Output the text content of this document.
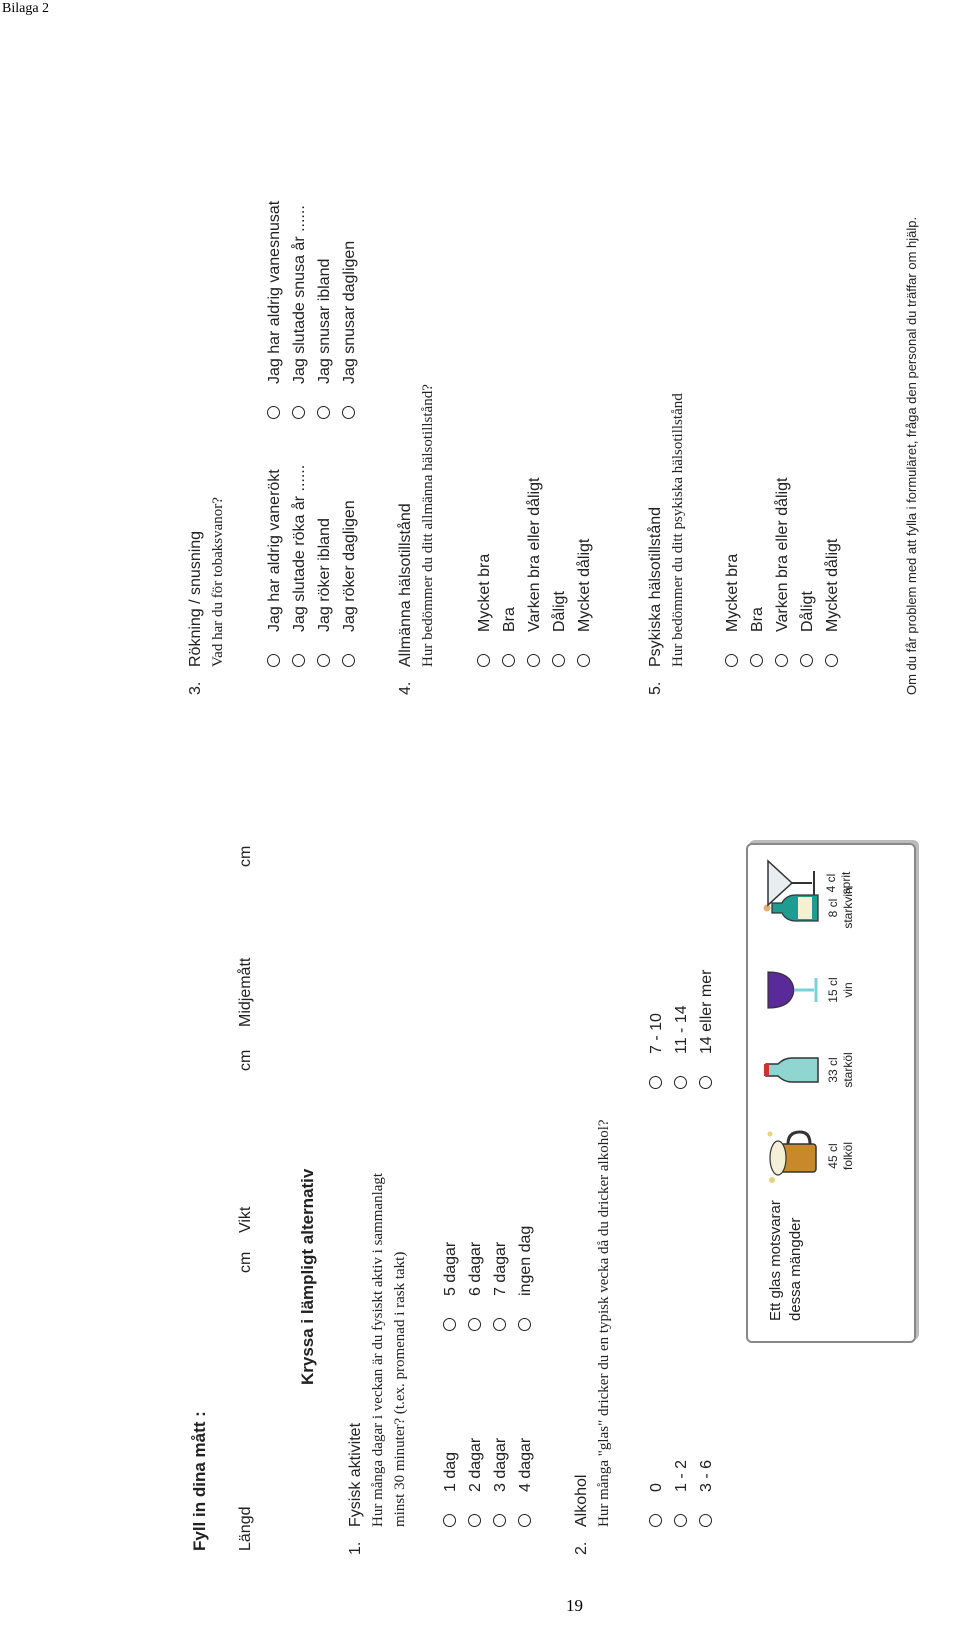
Bilaga 2
Fyll in dina mått : Längd
cm
Vikt
cm
Midjemått
cm
Kryssa i lämpligt alternativ
1.
Fysisk aktivitet Hur många dagar i veckan är du fysiskt aktiv i sammanlagt minst 30 minuter? (t.ex. promenad i rask takt) 1 dag 2 dagar 3 dagar 4 dagar
5 dagar 6 dagar 7 dagar ingen dag
2.
Alkohol Hur många "glas" dricker du en typisk vecka då du dricker alkohol? 0 1 - 2 3 - 6
7 - 10 11 - 14 14 eller mer
Ett glas motsvarar dessa mängder
45 cl folköl
33 cl starköl
15 cl vin
8 cl starkvin
4 cl sprit
3.
Rökning / snusning Vad har du för tobaksvanor?	Jag har aldrig vanerökt Jag slutade röka år ...... Jag röker ibland Jag röker dagligen
Jag har aldrig vanesnusat Jag slutade snusa år ...... Jag snusar ibland Jag snusar dagligen
4.
Allmänna hälsotillstånd Hur bedömmer du ditt allmänna hälsotillstånd?	Mycket bra Bra Varken bra eller dåligt Dåligt Mycket dåligt
5.
Psykiska hälsotillstånd Hur bedömmer du ditt psykiska hälsotillstånd Mycket bra Bra Varken bra eller dåligt Dåligt Mycket dåligt	Om du får problem med att fylla i formuläret, fråga den personal du träffar om hjälp.
19
